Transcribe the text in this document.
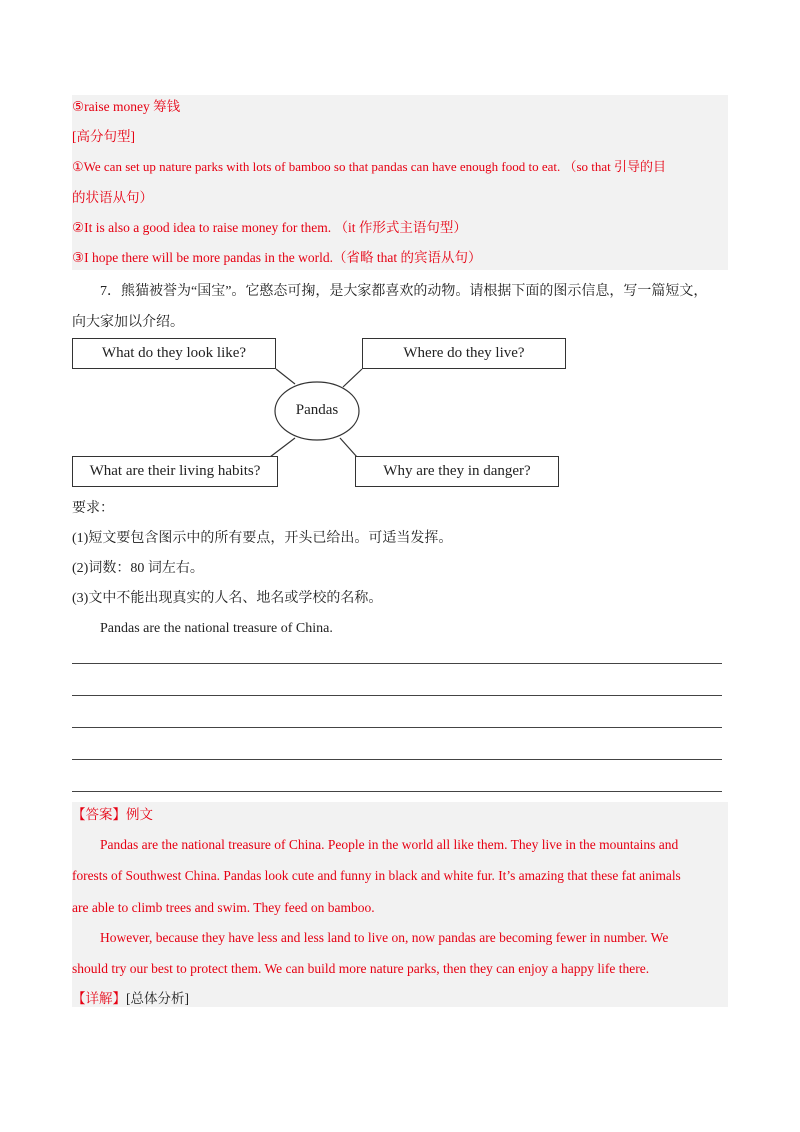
⑤raise money 筹钱
[高分句型]
①We can set up nature parks with lots of bamboo so that pandas can have enough food to eat. （so that 引导的目
的状语从句）
②It is also a good idea to raise money for them. （it 作形式主语句型）
③I hope there will be more pandas in the world.（省略 that 的宾语从句）
7．熊猫被誉为“国宝”。它憨态可掬，是大家都喜欢的动物。请根据下面的图示信息，写一篇短文，
向大家加以介绍。
Pandas
What do they look like?	Where do they live?
What are their living habits?	Why are they in danger?
要求：
(1)短文要包含图示中的所有要点，开头已给出。可适当发挥。
(2)词数：80 词左右。
(3)文中不能出现真实的人名、地名或学校的名称。
Pandas are the national treasure of China.
【答案】例文
Pandas are the national treasure of China. People in the world all like them. They live in the mountains and
forests of Southwest China. Pandas look cute and funny in black and white fur. It’s amazing that these fat animals
are able to climb trees and swim. They feed on bamboo.
However, because they have less and less land to live on, now pandas are becoming fewer in number. We
should try our best to protect them. We can build more nature parks, then they can enjoy a happy life there.
【详解】[总体分析]
